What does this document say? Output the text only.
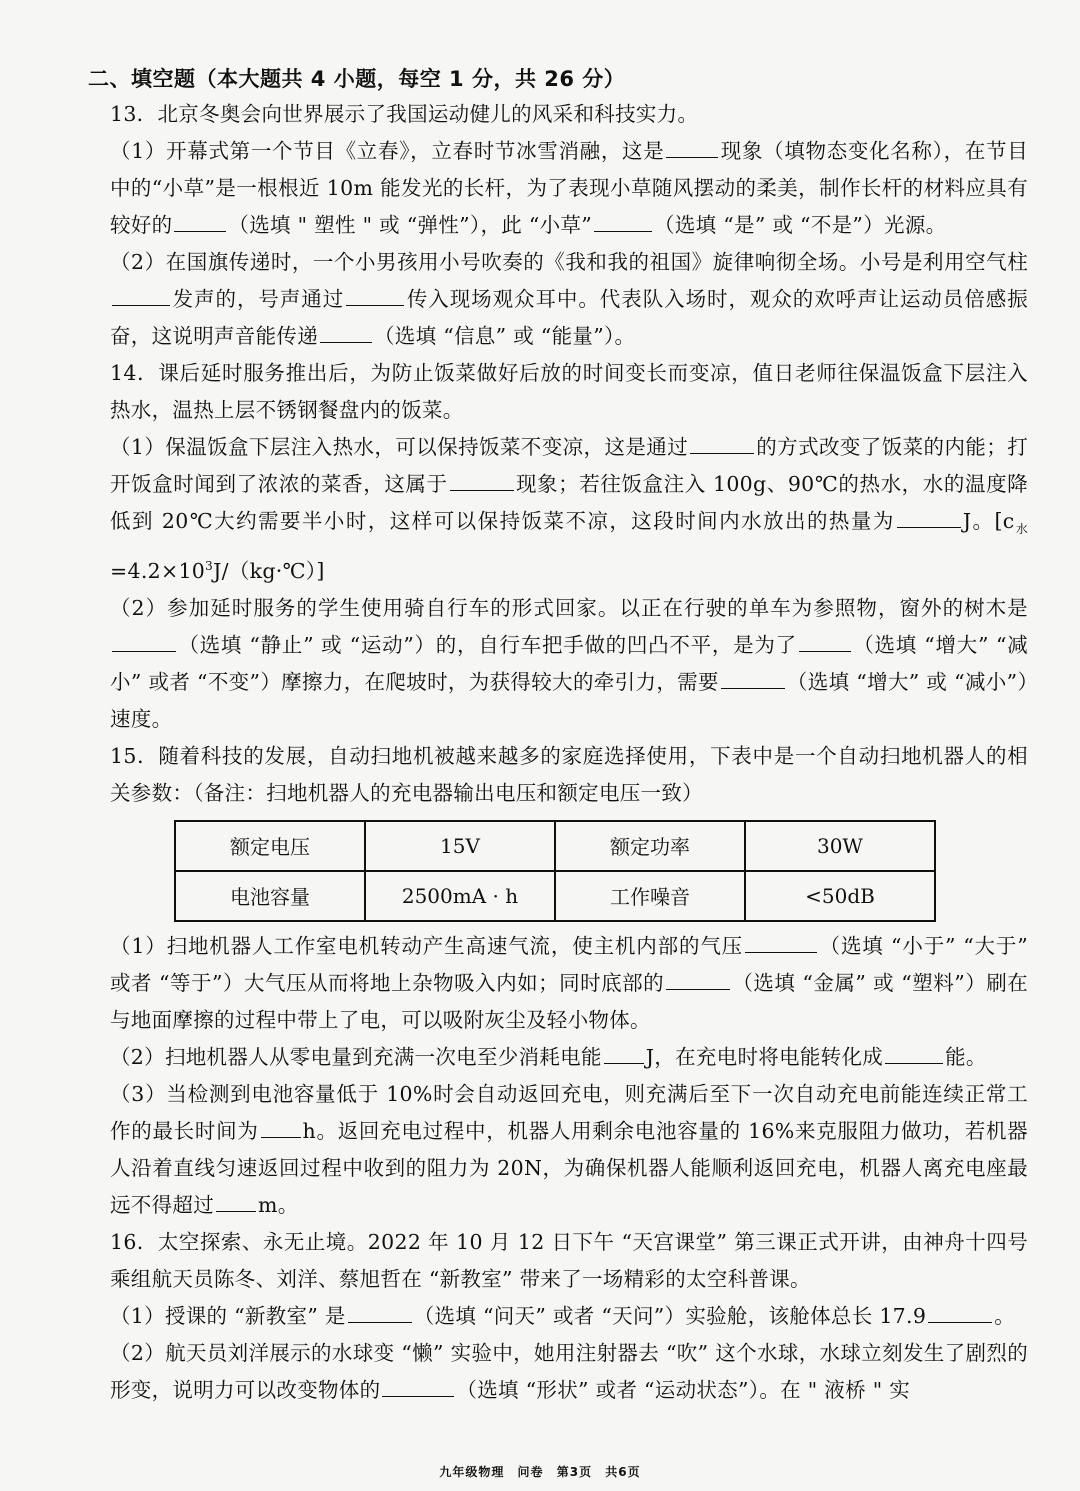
二、填空题（本大题共 4 小题，每空 1 分，共 26 分）
13．北京冬奥会向世界展示了我国运动健儿的风采和科技实力。
（1）开幕式第一个节目《立春》，立春时节冰雪消融，这是	现象（填物态变化名称），在节目中的“小草”是一根根近 10m 能发光的长杆，为了表现小草随风摆动的柔美，制作长杆的材料应具有较好的	（选填 " 塑性 " 或 “弹性”），此 “小草”	（选填 “是” 或 “不是”）光源。
（2）在国旗传递时，一个小男孩用小号吹奏的《我和我的祖国》旋律响彻全场。小号是利用空气柱发声的，号声通过	传入现场观众耳中。代表队入场时，观众的欢呼声让运动员倍感振奋，这说明声音能传递	（选填 “信息” 或 “能量”）。
14．课后延时服务推出后，为防止饭菜做好后放的时间变长而变凉，值日老师往保温饭盒下层注入热水，温热上层不锈钢餐盘内的饭菜。
（1）保温饭盒下层注入热水，可以保持饭菜不变凉，这是通过	的方式改变了饭菜的内能；打开饭盒时闻到了浓浓的菜香，这属于	现象；若往饭盒注入 100g、90℃的热水，水的温度降低到 20℃大约需要半小时，这样可以保持饭菜不凉，这段时间内水放出的热量为	J。$[c_水=4.2\times 10^3J/(kg\cdot℃)]$
（2）参加延时服务的学生使用骑自行车的形式回家。以正在行驶的单车为参照物，窗外的树木是（选填 “静止” 或 “运动”）的，自行车把手做的凹凸不平，是为了	（选填 “增大” “减小” 或者 “不变”）摩擦力，在爬坡时，为获得较大的牵引力，需要	（选填 “增大” 或 “减小”）速度。
15．随着科技的发展，自动扫地机被越来越多的家庭选择使用，下表中是一个自动扫地机器人的相关参数：（备注：扫地机器人的充电器输出电压和额定电压一致）
额定电压	15V	额定功率	30W
电池容量	2500mA · h	工作噪音	<50dB
（1）扫地机器人工作室电机转动产生高速气流，使主机内部的气压	（选填 “小于” “大于” 或者 “等于”）大气压从而将地上杂物吸入内如；同时底部的	（选填 “金属” 或 “塑料”）刷在与地面摩擦的过程中带上了电，可以吸附灰尘及轻小物体。
（2）扫地机器人从零电量到充满一次电至少消耗电能 J，在充电时将电能转化成	能。
（3）当检测到电池容量低于 10%时会自动返回充电，则充满后至下一次自动充电前能连续正常工作的最长时间为 h。返回充电过程中，机器人用剩余电池容量的 16%来克服阻力做功，若机器人沿着直线匀速返回过程中收到的阻力为 20N，为确保机器人能顺利返回充电，机器人离充电座最远不得超过 m。
16．太空探索、永无止境。2022 年 10 月 12 日下午 “天宫课堂” 第三课正式开讲，由神舟十四号乘组航天员陈冬、刘洋、蔡旭哲在 “新教室” 带来了一场精彩的太空科普课。
（1）授课的 “新教室” 是	（选填 “问天” 或者 “天问”）实验舱，该舱体总长 17.9	。
（2）航天员刘洋展示的水球变 “懒” 实验中，她用注射器去 “吹” 这个水球，水球立刻发生了剧烈的形变，说明力可以改变物体的	（选填 “形状” 或者 “运动状态”）。在 " 液桥 " 实
九年级物理 问卷 第3页 共6页
